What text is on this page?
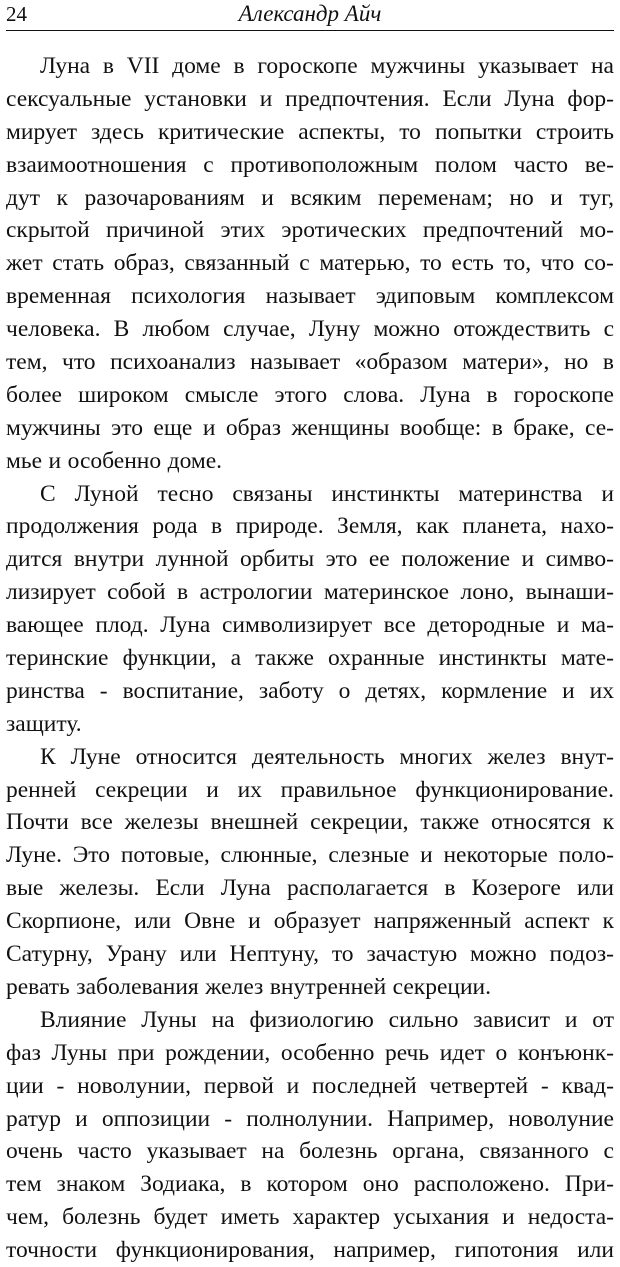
24	Александр Айч
Луна в VII доме в гороскопе мужчины указывает на
сексуальные установки и предпочтения. Если Луна фор-
мирует здесь критические аспекты, то попытки строить
взаимоотношения с противоположным полом часто ве-
дут к разочарованиям и всяким переменам; но и туг,
скрытой причиной этих эротических предпочтений мо-
жет стать образ, связанный с матерью, то есть то, что со-
временная психология называет эдиповым комплексом
человека. В любом случае, Луну можно отождествить с
тем, что психоанализ называет «образом матери», но в
более широком смысле этого слова. Луна в гороскопе
мужчины это еще и образ женщины вообще: в браке, се-
мье и особенно доме.
С Луной тесно связаны инстинкты материнства и
продолжения рода в природе. Земля, как планета, нахо-
дится внутри лунной орбиты это ее положение и симво-
лизирует собой в астрологии материнское лоно, вынаши-
вающее плод. Луна символизирует все детородные и ма-
теринские функции, а также охранные инстинкты мате-
ринства - воспитание, заботу о детях, кормление и их
защиту.
К Луне относится деятельность многих желез внут-
ренней секреции и их правильное функционирование.
Почти все железы внешней секреции, также относятся к
Луне. Это потовые, слюнные, слезные и некоторые поло-
вые железы. Если Луна располагается в Козероге или
Скорпионе, или Овне и образует напряженный аспект к
Сатурну, Урану или Нептуну, то зачастую можно подоз-
ревать заболевания желез внутренней секреции.
Влияние Луны на физиологию сильно зависит и от
фаз Луны при рождении, особенно речь идет о конъюнк-
ции - новолунии, первой и последней четвертей - квад-
ратур и оппозиции - полнолунии. Например, новолуние
очень часто указывает на болезнь органа, связанного с
тем знаком Зодиака, в котором оно расположено. При-
чем, болезнь будет иметь характер усыхания и недоста-
точности функционирования, например, гипотония или
